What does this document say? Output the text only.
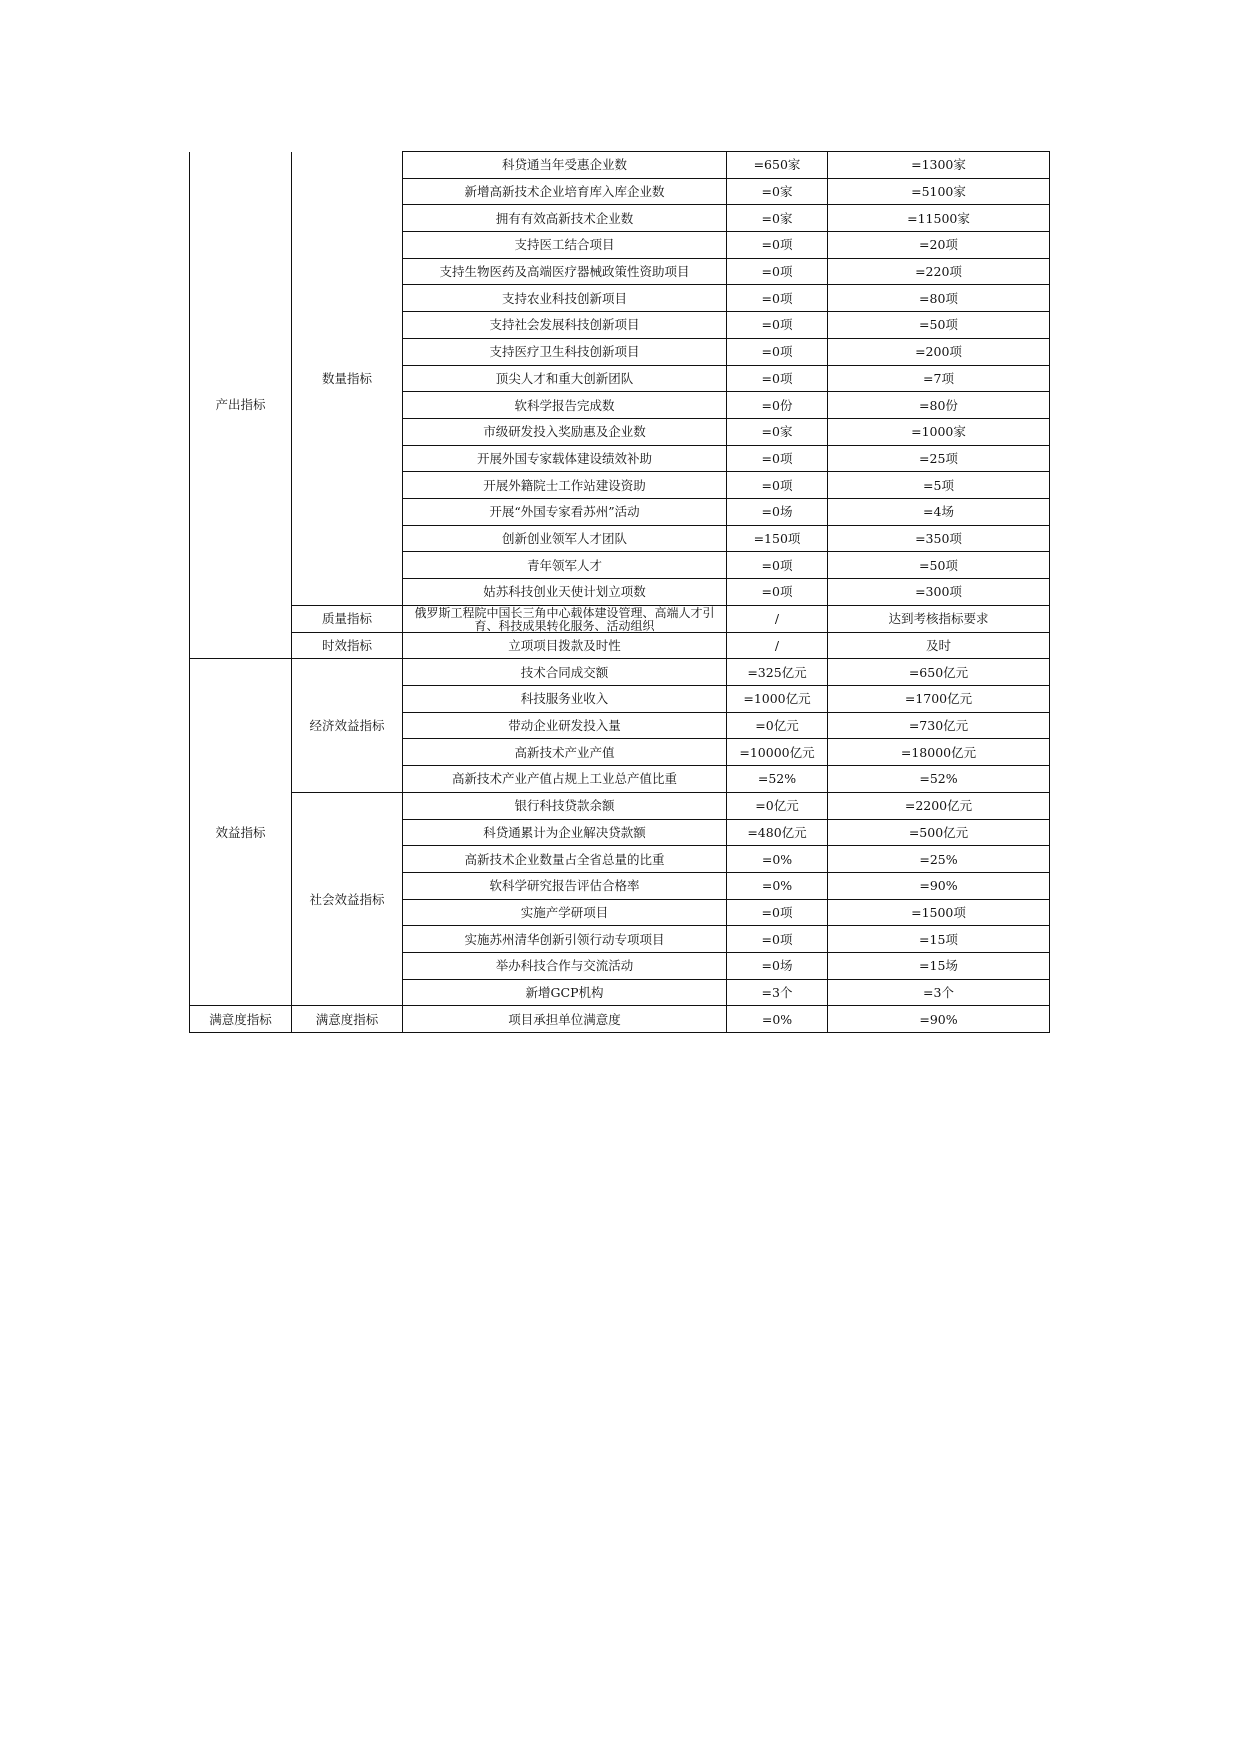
产出指标	数量指标	科贷通当年受惠企业数	=650家	=1300家
		新增高新技术企业培育库入库企业数	=0家	=5100家
		拥有有效高新技术企业数	=0家	=11500家
		支持医工结合项目	=0项	=20项
		支持生物医药及高端医疗器械政策性资助项目	=0项	=220项
		支持农业科技创新项目	=0项	=80项
		支持社会发展科技创新项目	=0项	=50项
		支持医疗卫生科技创新项目	=0项	=200项
		顶尖人才和重大创新团队	=0项	=7项
		软科学报告完成数	=0份	=80份
		市级研发投入奖励惠及企业数	=0家	=1000家
		开展外国专家载体建设绩效补助	=0项	=25项
		开展外籍院士工作站建设资助	=0项	=5项
		开展“外国专家看苏州”活动	=0场	=4场
		创新创业领军人才团队	=150项	=350项
		青年领军人才	=0项	=50项
		姑苏科技创业天使计划立项数	=0项	=300项
	质量指标	俄罗斯工程院中国长三角中心载体建设管理、高端人才引育、科技成果转化服务、活动组织	/	达到考核指标要求
	时效指标	立项项目拨款及时性	/	及时
效益指标	经济效益指标	技术合同成交额	=325亿元	=650亿元
		科技服务业收入	=1000亿元	=1700亿元
		带动企业研发投入量	=0亿元	=730亿元
		高新技术产业产值	=10000亿元	=18000亿元
		高新技术产业产值占规上工业总产值比重	=52%	=52%
	社会效益指标	银行科技贷款余额	=0亿元	=2200亿元
		科贷通累计为企业解决贷款额	=480亿元	=500亿元
		高新技术企业数量占全省总量的比重	=0%	=25%
		软科学研究报告评估合格率	=0%	=90%
		实施产学研项目	=0项	=1500项
		实施苏州清华创新引领行动专项项目	=0项	=15项
		举办科技合作与交流活动	=0场	=15场
		新增GCP机构	=3个	=3个
满意度指标	满意度指标	项目承担单位满意度	=0%	=90%
